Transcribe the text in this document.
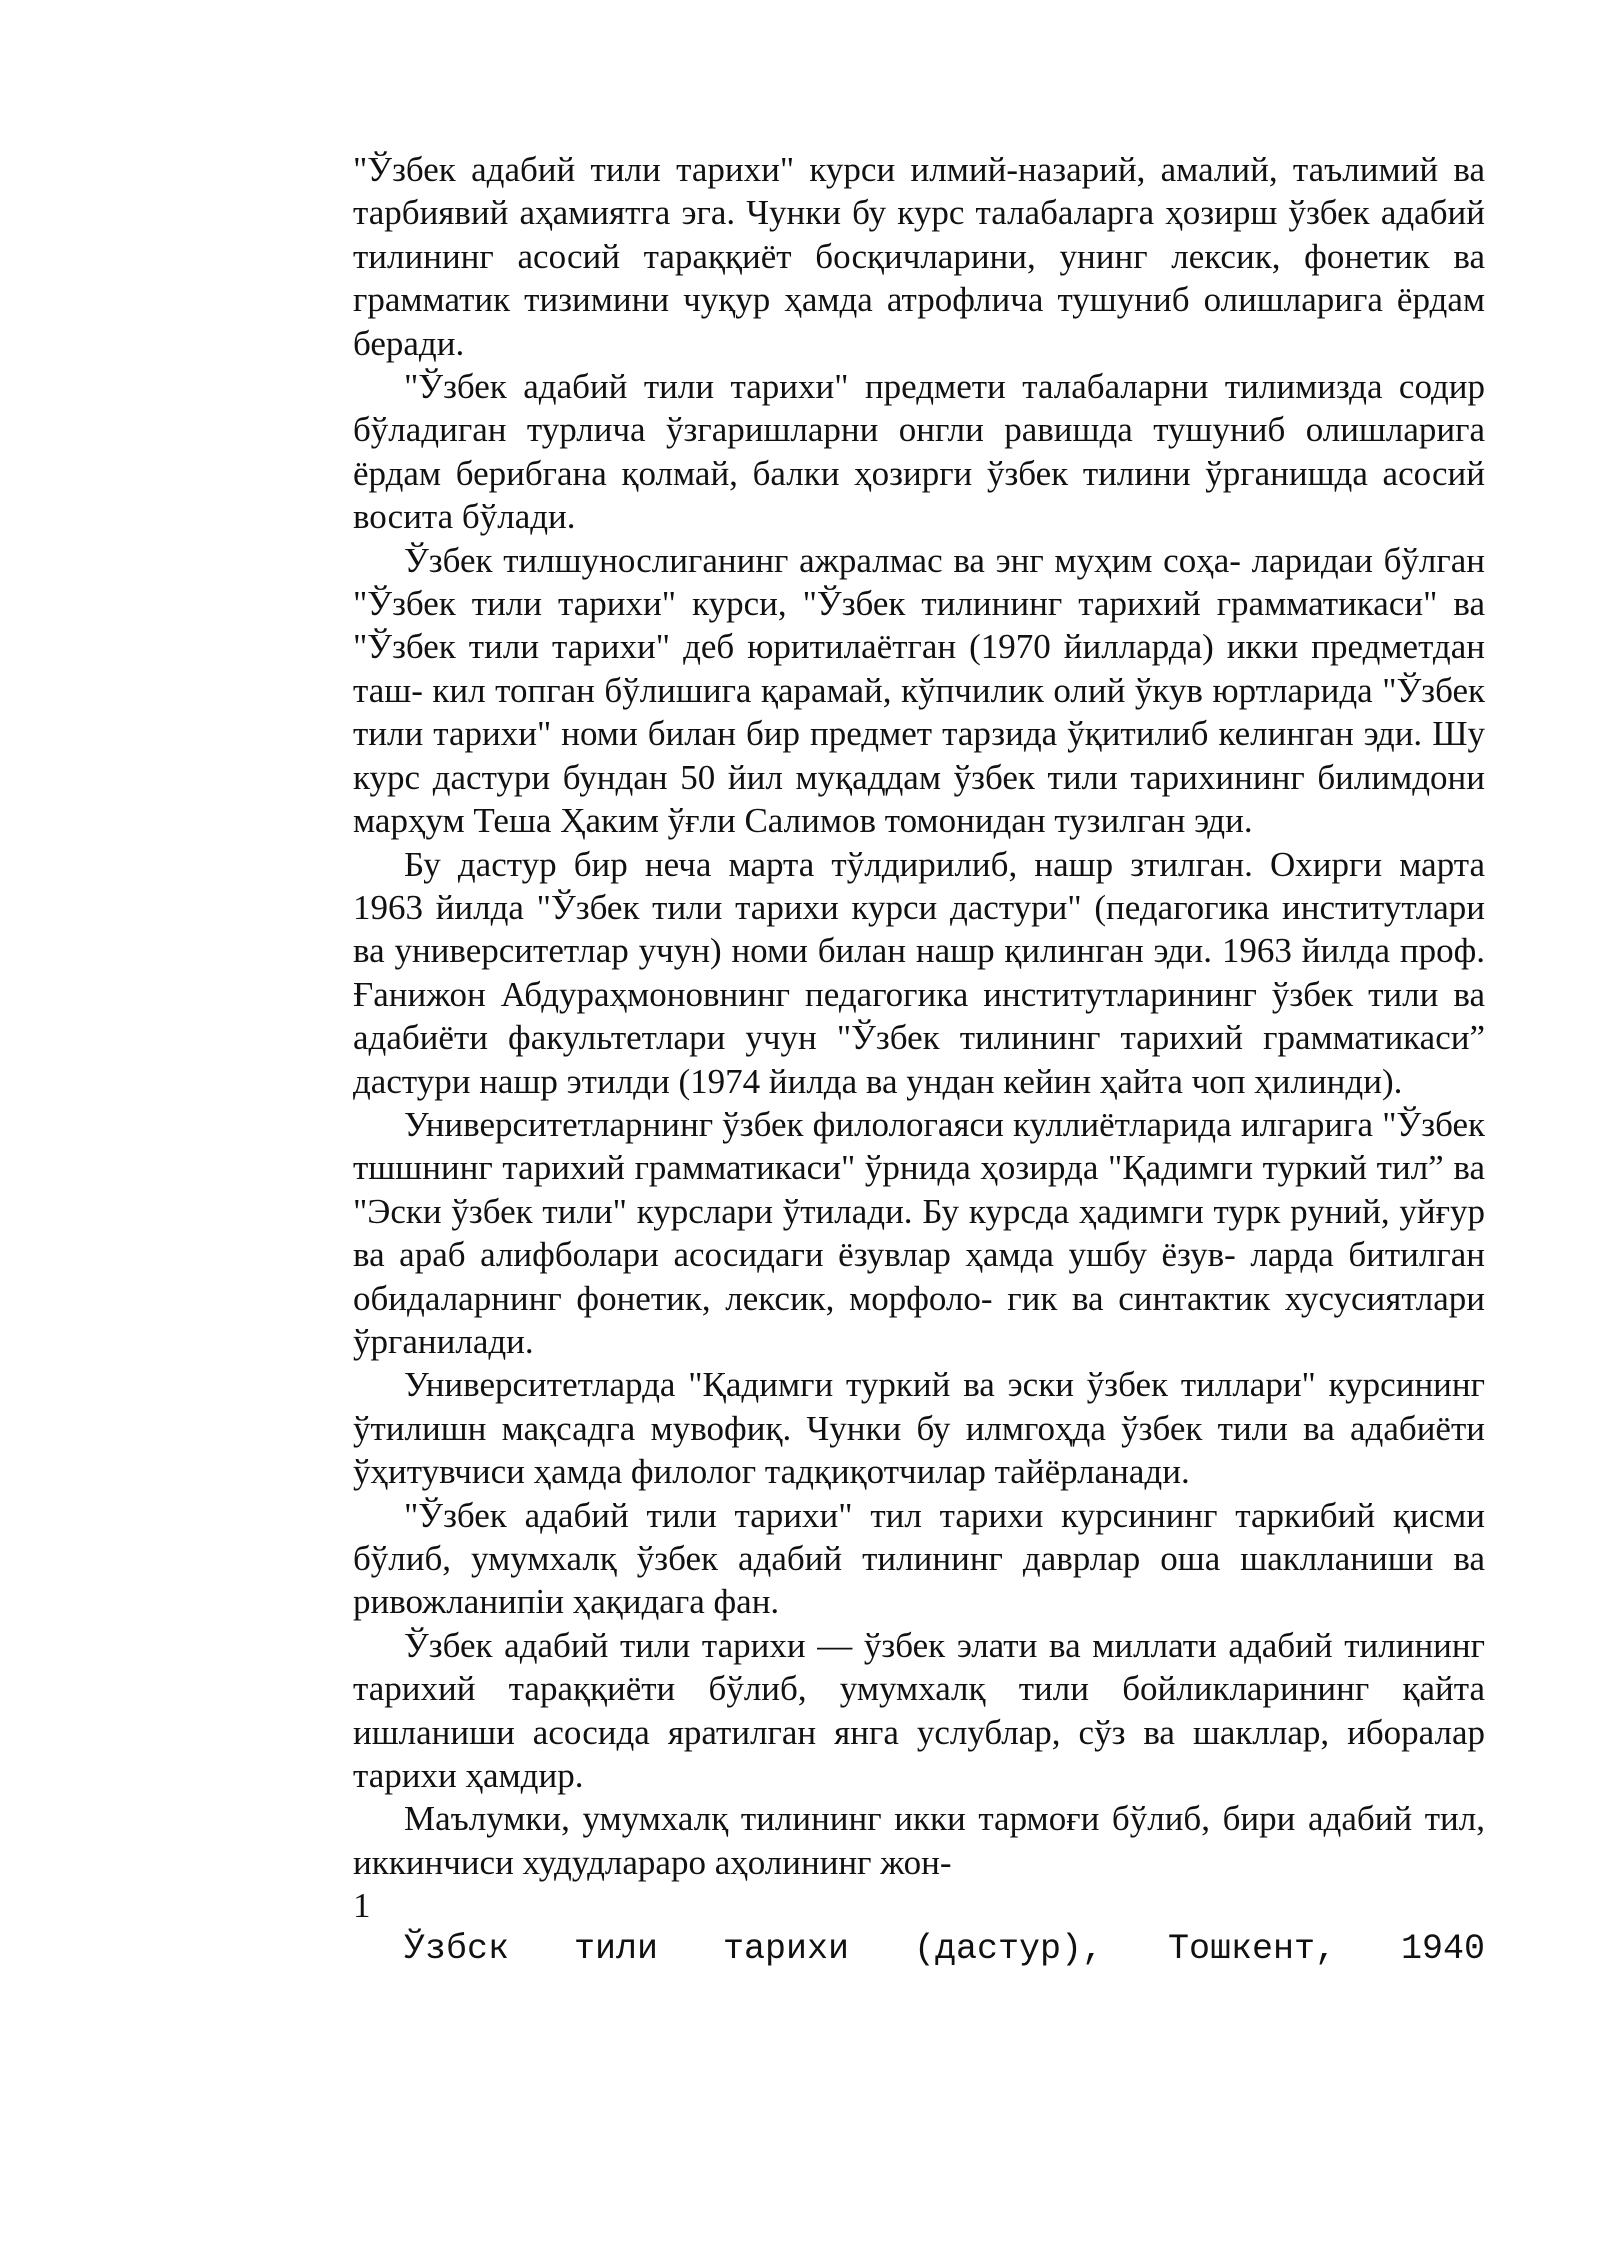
"Ўзбек адабий тили тарихи" курси илмий-назарий, амалий, таълимий ва тарбиявий аҳамиятга эга. Чунки бу курс талабаларга ҳозирш ўзбек адабий тилининг асосий тараққиёт босқичларини, унинг лексик, фонетик ва грамматик тизимини чуқур ҳамда атрофлича тушуниб олишларига ёрдам беради.

"Ўзбек адабий тили тарихи" предмети талабаларни тилимизда содир бўладиган турлича ўзгаришларни онгли равишда тушуниб олишларига ёрдам берибгана қолмай, балки ҳозирги ўзбек тилини ўрганишда асосий восита бўлади.

Ўзбек тилшунослиганинг ажралмас ва энг муҳим соҳа- ларидаи бўлган "Ўзбек тили тарихи" курси, "Ўзбек тилининг тарихий грамматикаси" ва "Ўзбек тили тарихи" деб юритилаётган (1970 йилларда) икки предметдан таш- кил топган бўлишига қарамай, кўпчилик олий ўкув юртларида "Ўзбек тили тарихи" номи билан бир предмет тарзида ўқитилиб келинган эди. Шу курс дастури бундан 50 йил муқаддам ўзбек тили тарихининг билимдони марҳум Теша Ҳаким ўғли Салимов томонидан тузилган эди.

Бу дастур бир неча марта тўлдирилиб, нашр зтилган. Охирги марта 1963 йилда "Ўзбек тили тарихи курси дастури" (педагогика институтлари ва университетлар учун) номи билан нашр қилинган эди. 1963 йилда проф. Ғанижон Абдураҳмоновнинг педагогика институтларининг ўзбек тили ва адабиёти факультетлари учун "Ўзбек тилининг тарихий грамматикаси” дастури нашр этилди (1974 йилда ва ундан кейин ҳайта чоп ҳилинди).

Университетларнинг ўзбек филологаяси куллиётларида илгарига "Ўзбек тшшнинг тарихий грамматикаси" ўрнида ҳозирда "Қадимги туркий тил” ва "Эски ўзбек тили" курслари ўтилади. Бу курсда ҳадимги турк руний, уйғур ва араб алифболари асосидаги ёзувлар ҳамда ушбу ёзув- ларда битилган обидаларнинг фонетик, лексик, морфоло- гик ва синтактик хусусиятлари ўрганилади.

Университетларда "Қадимги туркий ва эски ўзбек тиллари" курсининг ўтилишн мақсадга мувофиқ. Чунки бу илмгоҳда ўзбек тили ва адабиёти ўҳитувчиси ҳамда филолог тадқиқотчилар тайёрланади.

"Ўзбек адабий тили тарихи" тил тарихи курсининг таркибий қисми бўлиб, умумхалқ ўзбек адабий тилининг даврлар оша шаклланиши ва ривожланипіи ҳақидага фан.

Ўзбек адабий тили тарихи — ўзбек элати ва миллати адабий тилининг тарихий тараққиёти бўлиб, умумхалқ тили бойликларининг қайта ишланиши асосида яратилган янга услублар, сўз ва шакллар, иборалар тарихи ҳамдир.

Маълумки, умумхалқ тилининг икки тармоғи бўлиб, бири адабий тил, иккинчиси худудлараро аҳолининг жон-

1
Ўзбск тили тарихи (дастур), Тошкент, 1940
